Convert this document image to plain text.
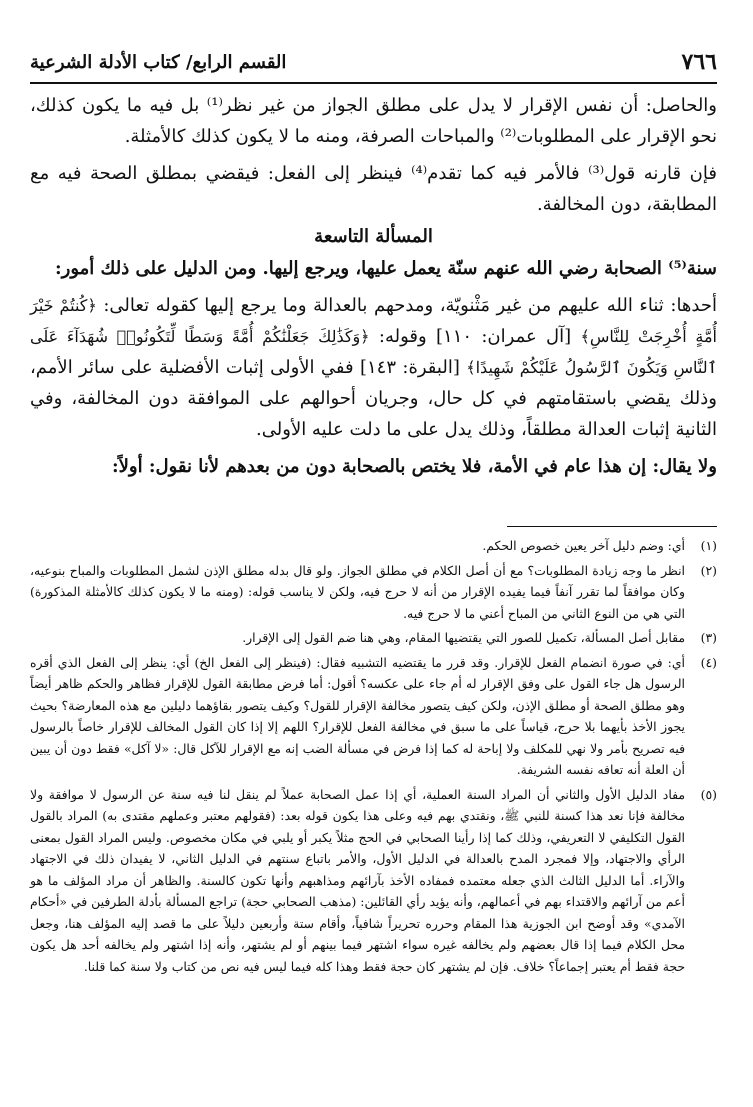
٧٦٦
القسم الرابع/ كتاب الأدلة الشرعية

والحاصل: أن نفس الإقرار لا يدل على مطلق الجواز من غير نظر⁽¹⁾ بل فيه ما يكون كذلك، نحو الإقرار على المطلوبات⁽²⁾ والمباحات الصرفة، ومنه ما لا يكون كذلك كالأمثلة.

فإن قارنه قول⁽³⁾ فالأمر فيه كما تقدم⁽⁴⁾ فينظر إلى الفعل: فيقضي بمطلق الصحة فيه مع المطابقة، دون المخالفة.

المسألة التاسعة

سنة⁽⁵⁾ الصحابة رضي الله عنهم سنّة يعمل عليها، ويرجع إليها. ومن الدليل على ذلك أمور:

أحدها: ثناء الله عليهم من غير مَثْنويّة، ومدحهم بالعدالة وما يرجع إليها كقوله تعالى: ﴿كُنتُمْ خَيْرَ أُمَّةٍ أُخْرِجَتْ لِلنَّاسِ﴾ [آل عمران: ١١٠] وقوله: ﴿وَكَذَٰلِكَ جَعَلْنَٰكُمْ أُمَّةً وَسَطًا لِّتَكُونُوا۟ شُهَدَآءَ عَلَى ٱلنَّاسِ وَيَكُونَ ٱلرَّسُولُ عَلَيْكُمْ شَهِيدًا﴾ [البقرة: ١٤٣] ففي الأولى إثبات الأفضلية على سائر الأمم، وذلك يقضي باستقامتهم في كل حال، وجريان أحوالهم على الموافقة دون المخالفة، وفي الثانية إثبات العدالة مطلقاً، وذلك يدل على ما دلت عليه الأولى.

ولا يقال: إن هذا عام في الأمة، فلا يختص بالصحابة دون من بعدهم لأنا نقول: أولاً:

(١)
أي: وضم دليل آخر يعين خصوص الحكم.
(٢)
انظر ما وجه زيادة المطلوبات؟ مع أن أصل الكلام في مطلق الجواز. ولو قال بدله مطلق الإذن لشمل المطلوبات والمباح بنوعيه، وكان موافقاً لما تقرر آنفاً فيما يفيده الإقرار من أنه لا حرج فيه، ولكن لا يناسب قوله: (ومنه ما لا يكون كذلك كالأمثلة المذكورة) التي هي من النوع الثاني من المباح أعني ما لا حرج فيه.
(٣)
مقابل أصل المسألة، تكميل للصور التي يقتضيها المقام، وهي هنا ضم القول إلى الإقرار.
(٤)
أي: في صورة انضمام الفعل للإقرار. وقد قرر ما يقتضيه التشبيه فقال: (فينظر إلى الفعل الخ) أي: ينظر إلى الفعل الذي أقره الرسول هل جاء القول على وفق الإقرار له أم جاء على عكسه؟ أقول: أما فرض مطابقة القول للإقرار فظاهر والحكم ظاهر أيضاً وهو مطلق الصحة أو مطلق الإذن، ولكن كيف يتصور مخالفة الإقرار للقول؟ وكيف يتصور بقاؤهما دليلين مع هذه المعارضة؟ بحيث يجوز الأخذ بأيهما بلا حرج، قياساً على ما سبق في مخالفة الفعل للإقرار؟ اللهم إلا إذا كان القول المخالف للإقرار خاصاً بالرسول فيه تصريح بأمر ولا نهي للمكلف ولا إباحة له كما إذا فرض في مسألة الضب إنه مع الإقرار للآكل قال: «لا آكل» فقط دون أن يبين أن العلة أنه تعافه نفسه الشريفة.
(٥)
مفاد الدليل الأول والثاني أن المراد السنة العملية، أي إذا عمل الصحابة عملاً لم ينقل لنا فيه سنة عن الرسول لا موافقة ولا مخالفة فإنا نعد هذا كسنة للنبي ﷺ، ونقتدي بهم فيه وعلى هذا يكون قوله بعد: (فقولهم معتبر وعملهم مقتدى به) المراد بالقول القول التكليفي لا التعريفي، وذلك كما إذا رأينا الصحابي في الحج مثلاً يكبر أو يلبي في مكان مخصوص. وليس المراد القول بمعنى الرأي والاجتهاد، وإلا فمجرد المدح بالعدالة في الدليل الأول، والأمر باتباع سنتهم في الدليل الثاني، لا يفيدان ذلك في الاجتهاد والآراء. أما الدليل الثالث الذي جعله معتمده فمفاده الأخذ بآرائهم ومذاهبهم وأنها تكون كالسنة. والظاهر أن مراد المؤلف ما هو أعم من آرائهم والاقتداء بهم في أعمالهم، وأنه يؤيد رأي القائلين: (مذهب الصحابي حجة) تراجع المسألة بأدلة الطرفين في «أحكام الآمدي» وقد أوضح ابن الجوزية هذا المقام وحرره تحريراً شافياً، وأقام ستة وأربعين دليلاً على ما قصد إليه المؤلف هنا، وجعل محل الكلام فيما إذا قال بعضهم ولم يخالفه غيره سواء اشتهر فيما بينهم أو لم يشتهر، وأنه إذا اشتهر ولم يخالفه أحد هل يكون حجة فقط أم يعتبر إجماعاً؟ خلاف. فإن لم يشتهر كان حجة فقط وهذا كله فيما ليس فيه نص من كتاب ولا سنة كما قلنا.
